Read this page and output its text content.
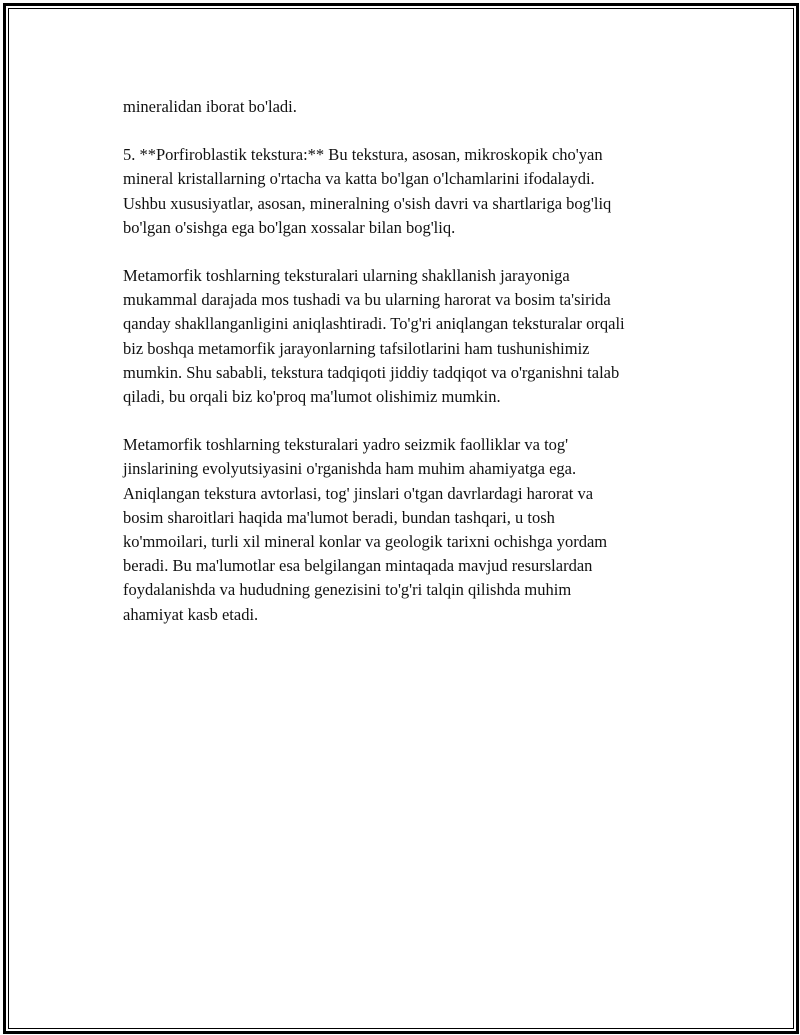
mineralidan iborat bo'ladi.

5. **Porfiroblastik tekstura:** Bu tekstura, asosan, mikroskopik cho'yan
mineral kristallarning o'rtacha va katta bo'lgan o'lchamlarini ifodalaydi.
Ushbu xususiyatlar, asosan, mineralning o'sish davri va shartlariga bog'liq
bo'lgan o'sishga ega bo'lgan xossalar bilan bog'liq.

Metamorfik toshlarning teksturalari ularning shakllanish jarayoniga
mukammal darajada mos tushadi va bu ularning harorat va bosim ta'sirida
qanday shakllanganligini aniqlashtiradi. To'g'ri aniqlangan teksturalar orqali
biz boshqa metamorfik jarayonlarning tafsilotlarini ham tushunishimiz
mumkin. Shu sababli, tekstura tadqiqoti jiddiy tadqiqot va o'rganishni talab
qiladi, bu orqali biz ko'proq ma'lumot olishimiz mumkin.

Metamorfik toshlarning teksturalari yadro seizmik faolliklar va tog'
jinslarining evolyutsiyasini o'rganishda ham muhim ahamiyatga ega.
Aniqlangan tekstura avtorlasi, tog' jinslari o'tgan davrlardagi harorat va
bosim sharoitlari haqida ma'lumot beradi, bundan tashqari, u tosh
ko'mmoilari, turli xil mineral konlar va geologik tarixni ochishga yordam
beradi. Bu ma'lumotlar esa belgilangan mintaqada mavjud resurslardan
foydalanishda va hududning genezisini to'g'ri talqin qilishda muhim
ahamiyat kasb etadi.
